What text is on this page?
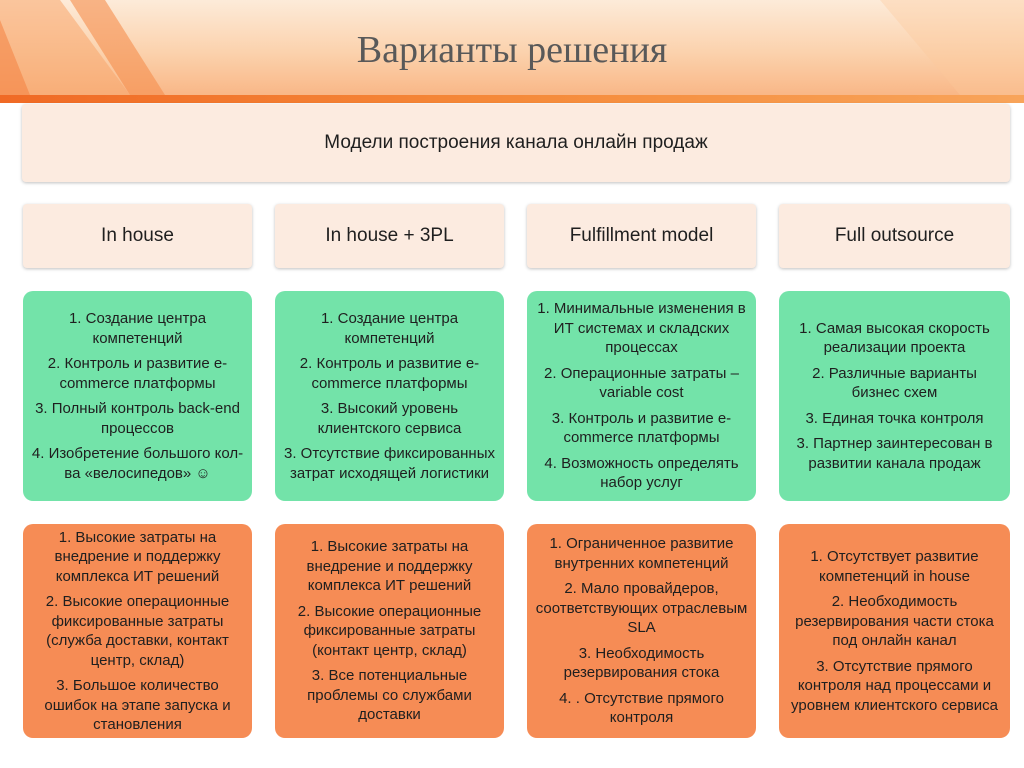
Варианты решения
Модели построения канала онлайн продаж
In house
1. Создание центра компетенций
2. Контроль и развитие e-commerce платформы
3. Полный контроль back-end процессов
4. Изобретение большого кол-ва «велосипедов» ☺
1. Высокие затраты на внедрение и поддержку комплекса ИТ решений
2. Высокие операционные фиксированные затраты (служба доставки, контакт центр, склад)
3. Большое количество ошибок на этапе запуска и становления
In house + 3PL
1. Создание центра компетенций
2. Контроль и развитие e-commerce платформы
3. Высокий уровень клиентского сервиса
3. Отсутствие фиксированных затрат исходящей логистики
1. Высокие затраты на внедрение и поддержку комплекса ИТ решений
2. Высокие операционные фиксированные затраты (контакт центр, склад)
3. Все потенциальные проблемы со службами доставки
Fulfillment model
1. Минимальные изменения в ИТ системах и складских процессах
2. Операционные затраты – variable cost
3. Контроль и развитие e-commerce платформы
4. Возможность определять набор услуг
1. Ограниченное развитие внутренних компетенций
2. Мало провайдеров, соответствующих отраслевым SLA
3. Необходимость резервирования стока
4. . Отсутствие прямого контроля
Full outsource
1. Самая высокая скорость реализации проекта
2. Различные варианты бизнес схем
3. Единая точка контроля
3. Партнер заинтересован в развитии канала продаж
1. Отсутствует развитие компетенций in house
2. Необходимость резервирования части стока под онлайн канал
3. Отсутствие прямого контроля над процессами и уровнем клиентского сервиса
